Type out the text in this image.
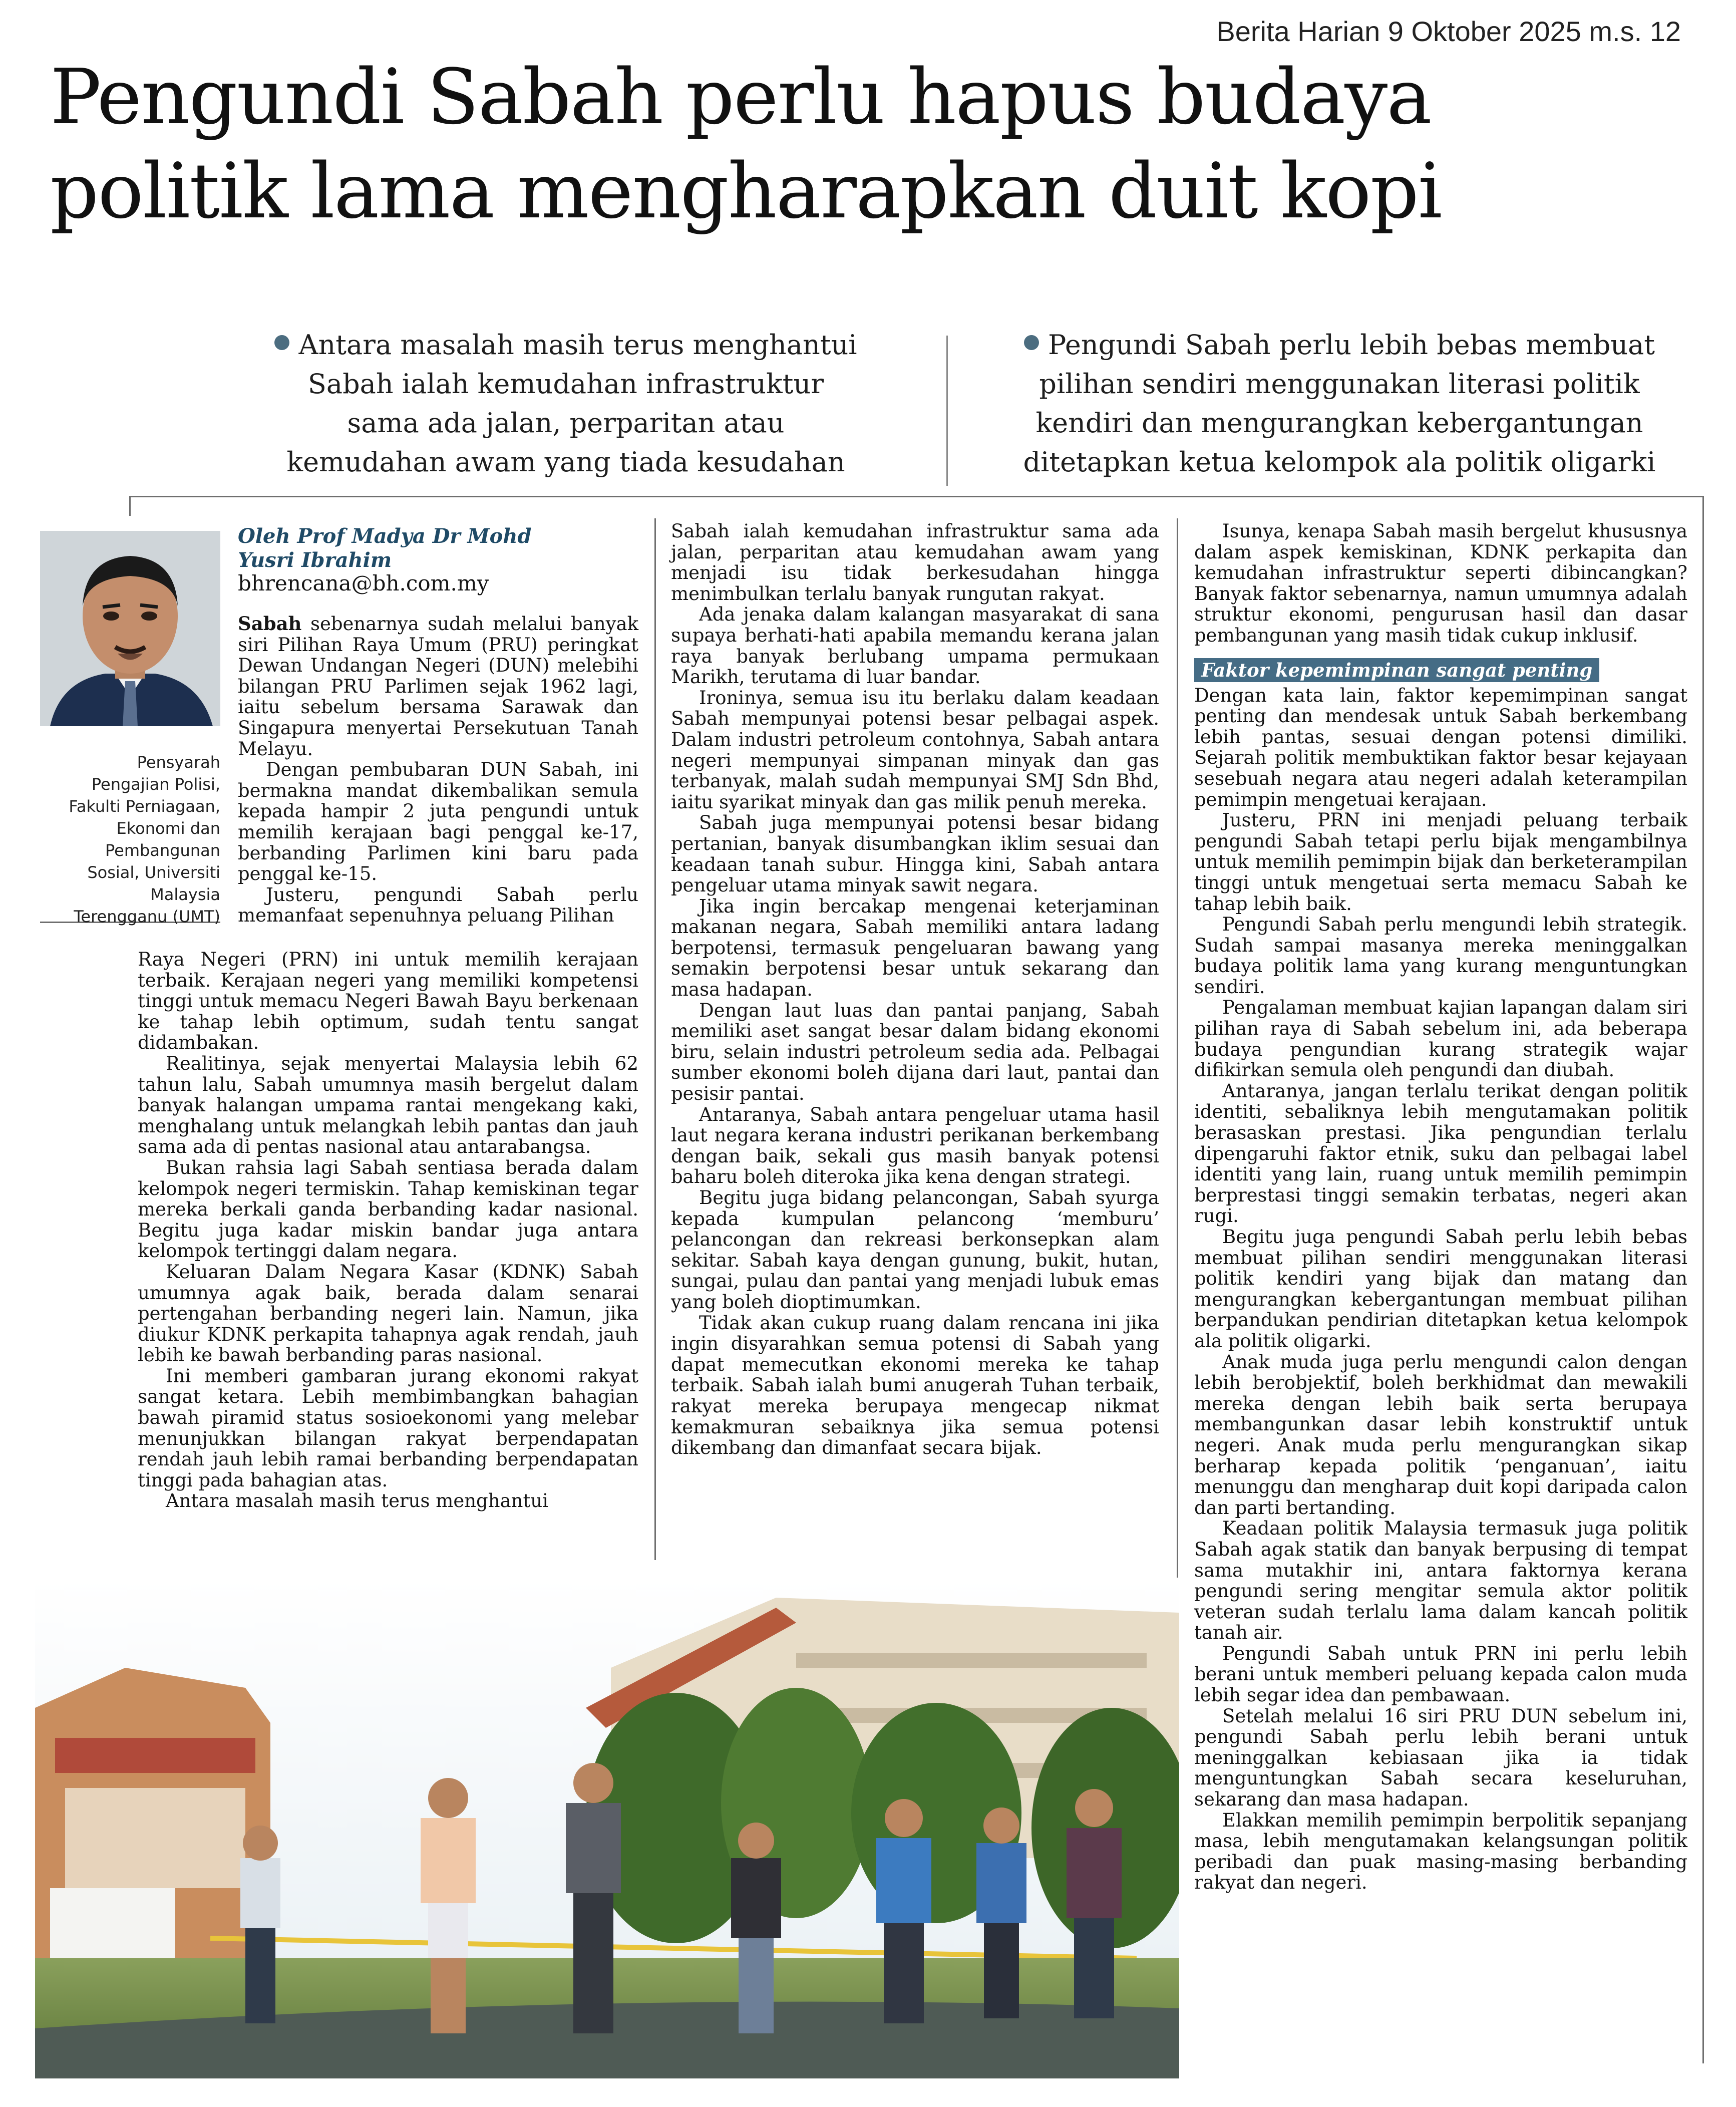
Berita Harian 9 Oktober 2025 m.s. 12
Pengundi Sabah perlu hapus budaya
politik lama mengharapkan duit kopi
Antara masalah masih terus menghantui
Sabah ialah kemudahan infrastruktur
sama ada jalan, perparitan atau
kemudahan awam yang tiada kesudahan
Pengundi Sabah perlu lebih bebas membuat
pilihan sendiri menggunakan literasi politik
kendiri dan mengurangkan kebergantungan
ditetapkan ketua kelompok ala politik oligarki

Oleh Prof Madya Dr Mohd
Yusri Ibrahim

bhrencana@bh.com.my
Pensyarah
Pengajian Polisi,
Fakulti Perniagaan,
Ekonomi dan
Pembangunan
Sosial, Universiti
Malaysia
Terengganu (UMT)

Sabah sebenarnya sudah melalui banyak siri Pilihan Raya Umum (PRU) peringkat Dewan Undangan Negeri (DUN) melebihi bilangan PRU Parlimen sejak 1962 lagi, iaitu sebelum bersama Sarawak dan Singapura menyertai Persekutuan Tanah Melayu.

Dengan pembubaran DUN Sabah, ini bermakna mandat dikembalikan semula kepada hampir 2 juta pengundi untuk memilih kerajaan bagi penggal ke-17, berbanding Parlimen kini baru pada penggal ke-15.

Justeru, pengundi Sabah perlu memanfaat sepenuhnya peluang Pilihan

Raya Negeri (PRN) ini untuk memilih kerajaan terbaik. Kerajaan negeri yang memiliki kompetensi tinggi untuk memacu Negeri Bawah Bayu berkenaan ke tahap lebih optimum, sudah tentu sangat didambakan.

Realitinya, sejak menyertai Malaysia lebih 62 tahun lalu, Sabah umumnya masih bergelut dalam banyak halangan umpama rantai mengekang kaki, menghalang untuk melangkah lebih pantas dan jauh sama ada di pentas nasional atau antarabangsa.

Bukan rahsia lagi Sabah sentiasa berada dalam kelompok negeri termiskin. Tahap kemiskinan tegar mereka berkali ganda berbanding kadar nasional. Begitu juga kadar miskin bandar juga antara kelompok tertinggi dalam negara.

Keluaran Dalam Negara Kasar (KDNK) Sabah umumnya agak baik, berada dalam senarai pertengahan berbanding negeri lain. Namun, jika diukur KDNK perkapita tahapnya agak rendah, jauh lebih ke bawah berbanding paras nasional.

Ini memberi gambaran jurang ekonomi rakyat sangat ketara. Lebih membimbangkan bahagian bawah piramid status sosioekonomi yang melebar menunjukkan bilangan rakyat berpendapatan rendah jauh lebih ramai berbanding berpendapatan tinggi pada bahagian atas.

Antara masalah masih terus menghantui

Sabah ialah kemudahan infrastruktur sama ada jalan, perparitan atau kemudahan awam yang menjadi isu tidak berkesudahan hingga menimbulkan terlalu banyak rungutan rakyat.

Ada jenaka dalam kalangan masyarakat di sana supaya berhati-hati apabila memandu kerana jalan raya banyak berlubang umpama permukaan Marikh, terutama di luar bandar.

Ironinya, semua isu itu berlaku dalam keadaan Sabah mempunyai potensi besar pelbagai aspek. Dalam industri petroleum contohnya, Sabah antara negeri mempunyai simpanan minyak dan gas terbanyak, malah sudah mempunyai SMJ Sdn Bhd, iaitu syarikat minyak dan gas milik penuh mereka.

Sabah juga mempunyai potensi besar bidang pertanian, banyak disumbangkan iklim sesuai dan keadaan tanah subur. Hingga kini, Sabah antara pengeluar utama minyak sawit negara.

Jika ingin bercakap mengenai keterjaminan makanan negara, Sabah memiliki antara ladang berpotensi, termasuk pengeluaran bawang yang semakin berpotensi besar untuk sekarang dan masa hadapan.

Dengan laut luas dan pantai panjang, Sabah memiliki aset sangat besar dalam bidang ekonomi biru, selain industri petroleum sedia ada. Pelbagai sumber ekonomi boleh dijana dari laut, pantai dan pesisir pantai.

Antaranya, Sabah antara pengeluar utama hasil laut negara kerana industri perikanan berkembang dengan baik, sekali gus masih banyak potensi baharu boleh diteroka jika kena dengan strategi.

Begitu juga bidang pelancongan, Sabah syurga kepada kumpulan pelancong ‘memburu’ pelancongan dan rekreasi berkonsepkan alam sekitar. Sabah kaya dengan gunung, bukit, hutan, sungai, pulau dan pantai yang menjadi lubuk emas yang boleh dioptimumkan.

Tidak akan cukup ruang dalam rencana ini jika ingin disyarahkan semua potensi di Sabah yang dapat memecutkan ekonomi mereka ke tahap terbaik. Sabah ialah bumi anugerah Tuhan terbaik, rakyat mereka berupaya mengecap nikmat kemakmuran sebaiknya jika semua potensi dikembang dan dimanfaat secara bijak.

Isunya, kenapa Sabah masih bergelut khususnya dalam aspek kemiskinan, KDNK perkapita dan kemudahan infrastruktur seperti dibincangkan? Banyak faktor sebenarnya, namun umumnya adalah struktur ekonomi, pengurusan hasil dan dasar pembangunan yang masih tidak cukup inklusif.

Faktor kepemimpinan sangat penting

Dengan kata lain, faktor kepemimpinan sangat penting dan mendesak untuk Sabah berkembang lebih pantas, sesuai dengan potensi dimiliki. Sejarah politik membuktikan faktor besar kejayaan sesebuah negara atau negeri adalah keterampilan pemimpin mengetuai kerajaan.

Justeru, PRN ini menjadi peluang terbaik pengundi Sabah tetapi perlu bijak mengambilnya untuk memilih pemimpin bijak dan berketerampilan tinggi untuk mengetuai serta memacu Sabah ke tahap lebih baik.

Pengundi Sabah perlu mengundi lebih strategik. Sudah sampai masanya mereka meninggalkan budaya politik lama yang kurang menguntungkan sendiri.

Pengalaman membuat kajian lapangan dalam siri pilihan raya di Sabah sebelum ini, ada beberapa budaya pengundian kurang strategik wajar difikirkan semula oleh pengundi dan diubah.

Antaranya, jangan terlalu terikat dengan politik identiti, sebaliknya lebih mengutamakan politik berasaskan prestasi. Jika pengundian terlalu dipengaruhi faktor etnik, suku dan pelbagai label identiti yang lain, ruang untuk memilih pemimpin berprestasi tinggi semakin terbatas, negeri akan rugi.

Begitu juga pengundi Sabah perlu lebih bebas membuat pilihan sendiri menggunakan literasi politik kendiri yang bijak dan matang dan mengurangkan kebergantungan membuat pilihan berpandukan pendirian ditetapkan ketua kelompok ala politik oligarki.

Anak muda juga perlu mengundi calon dengan lebih berobjektif, boleh berkhidmat dan mewakili mereka dengan lebih baik serta berupaya membangunkan dasar lebih konstruktif untuk negeri. Anak muda perlu mengurangkan sikap berharap kepada politik ‘penganuan’, iaitu menunggu dan mengharap duit kopi daripada calon dan parti bertanding.

Keadaan politik Malaysia termasuk juga politik Sabah agak statik dan banyak berpusing di tempat sama mutakhir ini, antara faktornya kerana pengundi sering mengitar semula aktor politik veteran sudah terlalu lama dalam kancah politik tanah air.

Pengundi Sabah untuk PRN ini perlu lebih berani untuk memberi peluang kepada calon muda lebih segar idea dan pembawaan.

Setelah melalui 16 siri PRU DUN sebelum ini, pengundi Sabah perlu lebih berani untuk meninggalkan kebiasaan jika ia tidak menguntungkan Sabah secara keseluruhan, sekarang dan masa hadapan.

Elakkan memilih pemimpin berpolitik sepanjang masa, lebih mengutamakan kelangsungan politik peribadi dan puak masing-masing berbanding rakyat dan negeri.
